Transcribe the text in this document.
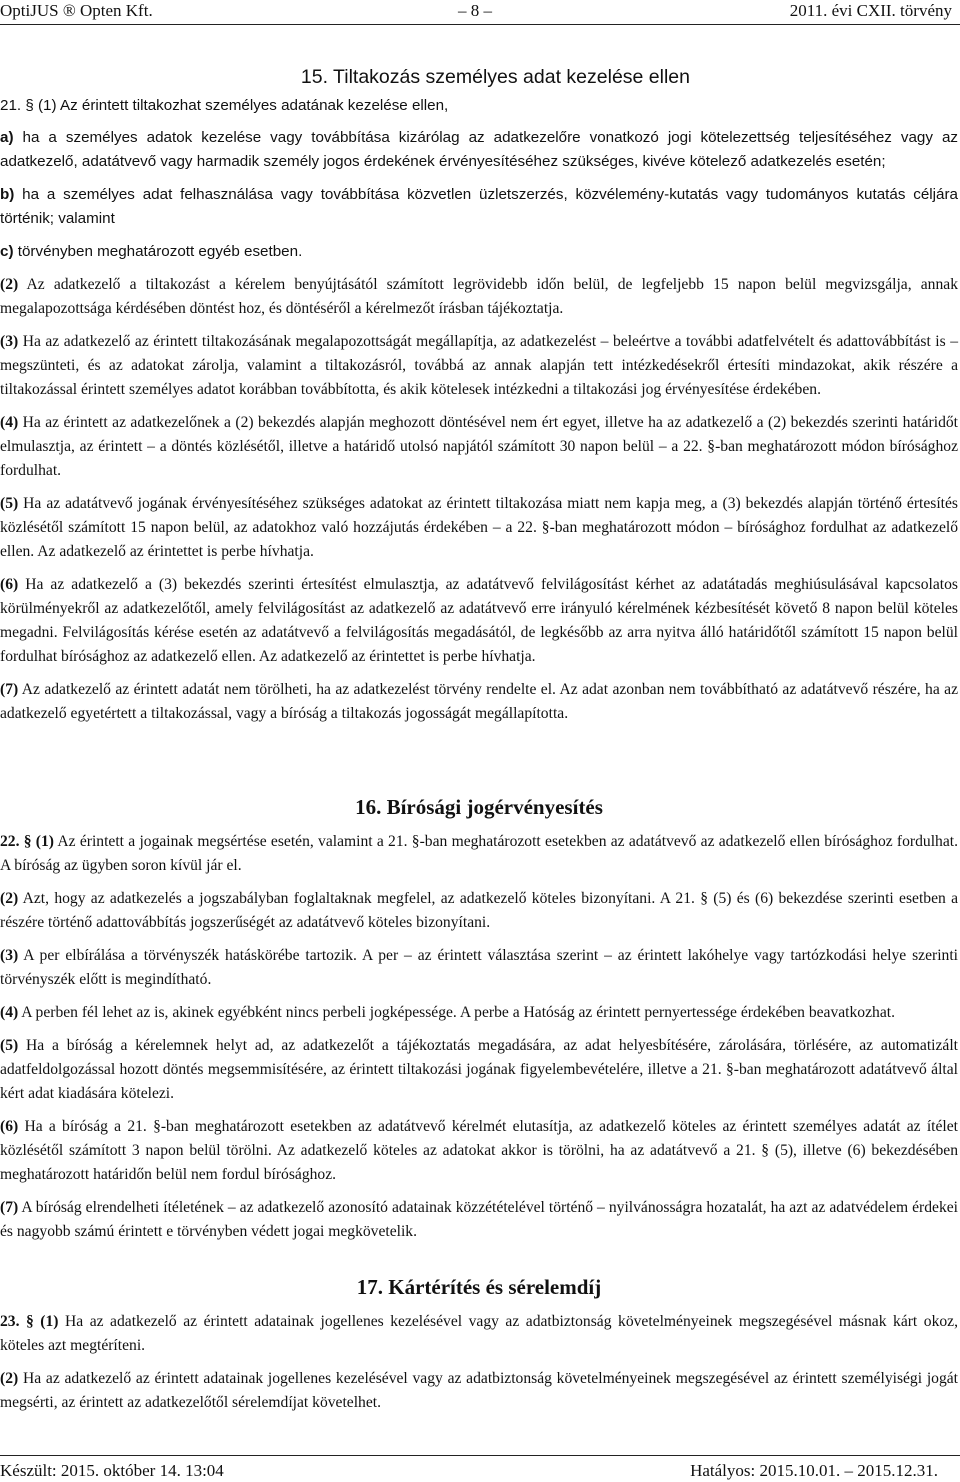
OptiJUS ® Opten Kft.	– 8 –	2011. évi CXII. törvény
15. Tiltakozás személyes adat kezelése ellen

21. § (1) Az érintett tiltakozhat személyes adatának kezelése ellen,

a) ha a személyes adatok kezelése vagy továbbítása kizárólag az adatkezelőre vonatkozó jogi kötelezettség teljesítéséhez vagy az adatkezelő, adatátvevő vagy harmadik személy jogos érdekének érvényesítéséhez szükséges, kivéve kötelező adatkezelés esetén;

b) ha a személyes adat felhasználása vagy továbbítása közvetlen üzletszerzés, közvélemény-kutatás vagy tudományos kutatás céljára történik; valamint

c) törvényben meghatározott egyéb esetben.

(2) Az adatkezelő a tiltakozást a kérelem benyújtásától számított legrövidebb időn belül, de legfeljebb 15 napon belül megvizsgálja, annak megalapozottsága kérdésében döntést hoz, és döntéséről a kérelmezőt írásban tájékoztatja.

(3) Ha az adatkezelő az érintett tiltakozásának megalapozottságát megállapítja, az adatkezelést – beleértve a további adatfelvételt és adattovábbítást is – megszünteti, és az adatokat zárolja, valamint a tiltakozásról, továbbá az annak alapján tett intézkedésekről értesíti mindazokat, akik részére a tiltakozással érintett személyes adatot korábban továbbította, és akik kötelesek intézkedni a tiltakozási jog érvényesítése érdekében.

(4) Ha az érintett az adatkezelőnek a (2) bekezdés alapján meghozott döntésével nem ért egyet, illetve ha az adatkezelő a (2) bekezdés szerinti határidőt elmulasztja, az érintett – a döntés közlésétől, illetve a határidő utolsó napjától számított 30 napon belül – a 22. §-ban meghatározott módon bírósághoz fordulhat.

(5) Ha az adatátvevő jogának érvényesítéséhez szükséges adatokat az érintett tiltakozása miatt nem kapja meg, a (3) bekezdés alapján történő értesítés közlésétől számított 15 napon belül, az adatokhoz való hozzájutás érdekében – a 22. §-ban meghatározott módon – bírósághoz fordulhat az adatkezelő ellen. Az adatkezelő az érintettet is perbe hívhatja.

(6) Ha az adatkezelő a (3) bekezdés szerinti értesítést elmulasztja, az adatátvevő felvilágosítást kérhet az adatátadás meghiúsulásával kapcsolatos körülményekről az adatkezelőtől, amely felvilágosítást az adatkezelő az adatátvevő erre irányuló kérelmének kézbesítését követő 8 napon belül köteles megadni. Felvilágosítás kérése esetén az adatátvevő a felvilágosítás megadásától, de legkésőbb az arra nyitva álló határidőtől számított 15 napon belül fordulhat bírósághoz az adatkezelő ellen. Az adatkezelő az érintettet is perbe hívhatja.

(7) Az adatkezelő az érintett adatát nem törölheti, ha az adatkezelést törvény rendelte el. Az adat azonban nem továbbítható az adatátvevő részére, ha az adatkezelő egyetértett a tiltakozással, vagy a bíróság a tiltakozás jogosságát megállapította.

16. Bírósági jogérvényesítés

22. § (1) Az érintett a jogainak megsértése esetén, valamint a 21. §-ban meghatározott esetekben az adatátvevő az adatkezelő ellen bírósághoz fordulhat. A bíróság az ügyben soron kívül jár el.

(2) Azt, hogy az adatkezelés a jogszabályban foglaltaknak megfelel, az adatkezelő köteles bizonyítani. A 21. § (5) és (6) bekezdése szerinti esetben a részére történő adattovábbítás jogszerűségét az adatátvevő köteles bizonyítani.

(3) A per elbírálása a törvényszék hatáskörébe tartozik. A per – az érintett választása szerint – az érintett lakóhelye vagy tartózkodási helye szerinti törvényszék előtt is megindítható.

(4) A perben fél lehet az is, akinek egyébként nincs perbeli jogképessége. A perbe a Hatóság az érintett pernyertessége érdekében beavatkozhat.

(5) Ha a bíróság a kérelemnek helyt ad, az adatkezelőt a tájékoztatás megadására, az adat helyesbítésére, zárolására, törlésére, az automatizált adatfeldolgozással hozott döntés megsemmisítésére, az érintett tiltakozási jogának figyelembevételére, illetve a 21. §-ban meghatározott adatátvevő által kért adat kiadására kötelezi.

(6) Ha a bíróság a 21. §-ban meghatározott esetekben az adatátvevő kérelmét elutasítja, az adatkezelő köteles az érintett személyes adatát az ítélet közlésétől számított 3 napon belül törölni. Az adatkezelő köteles az adatokat akkor is törölni, ha az adatátvevő a 21. § (5), illetve (6) bekezdésében meghatározott határidőn belül nem fordul bírósághoz.

(7) A bíróság elrendelheti ítéletének – az adatkezelő azonosító adatainak közzétételével történő – nyilvánosságra hozatalát, ha azt az adatvédelem érdekei és nagyobb számú érintett e törvényben védett jogai megkövetelik.

17. Kártérítés és sérelemdíj

23. § (1) Ha az adatkezelő az érintett adatainak jogellenes kezelésével vagy az adatbiztonság követelményeinek megszegésével másnak kárt okoz, köteles azt megtéríteni.

(2) Ha az adatkezelő az érintett adatainak jogellenes kezelésével vagy az adatbiztonság követelményeinek megszegésével az érintett személyiségi jogát megsérti, az érintett az adatkezelőtől sérelemdíjat követelhet.

Készült: 2015. október 14. 13:04	Hatályos: 2015.10.01. – 2015.12.31.
